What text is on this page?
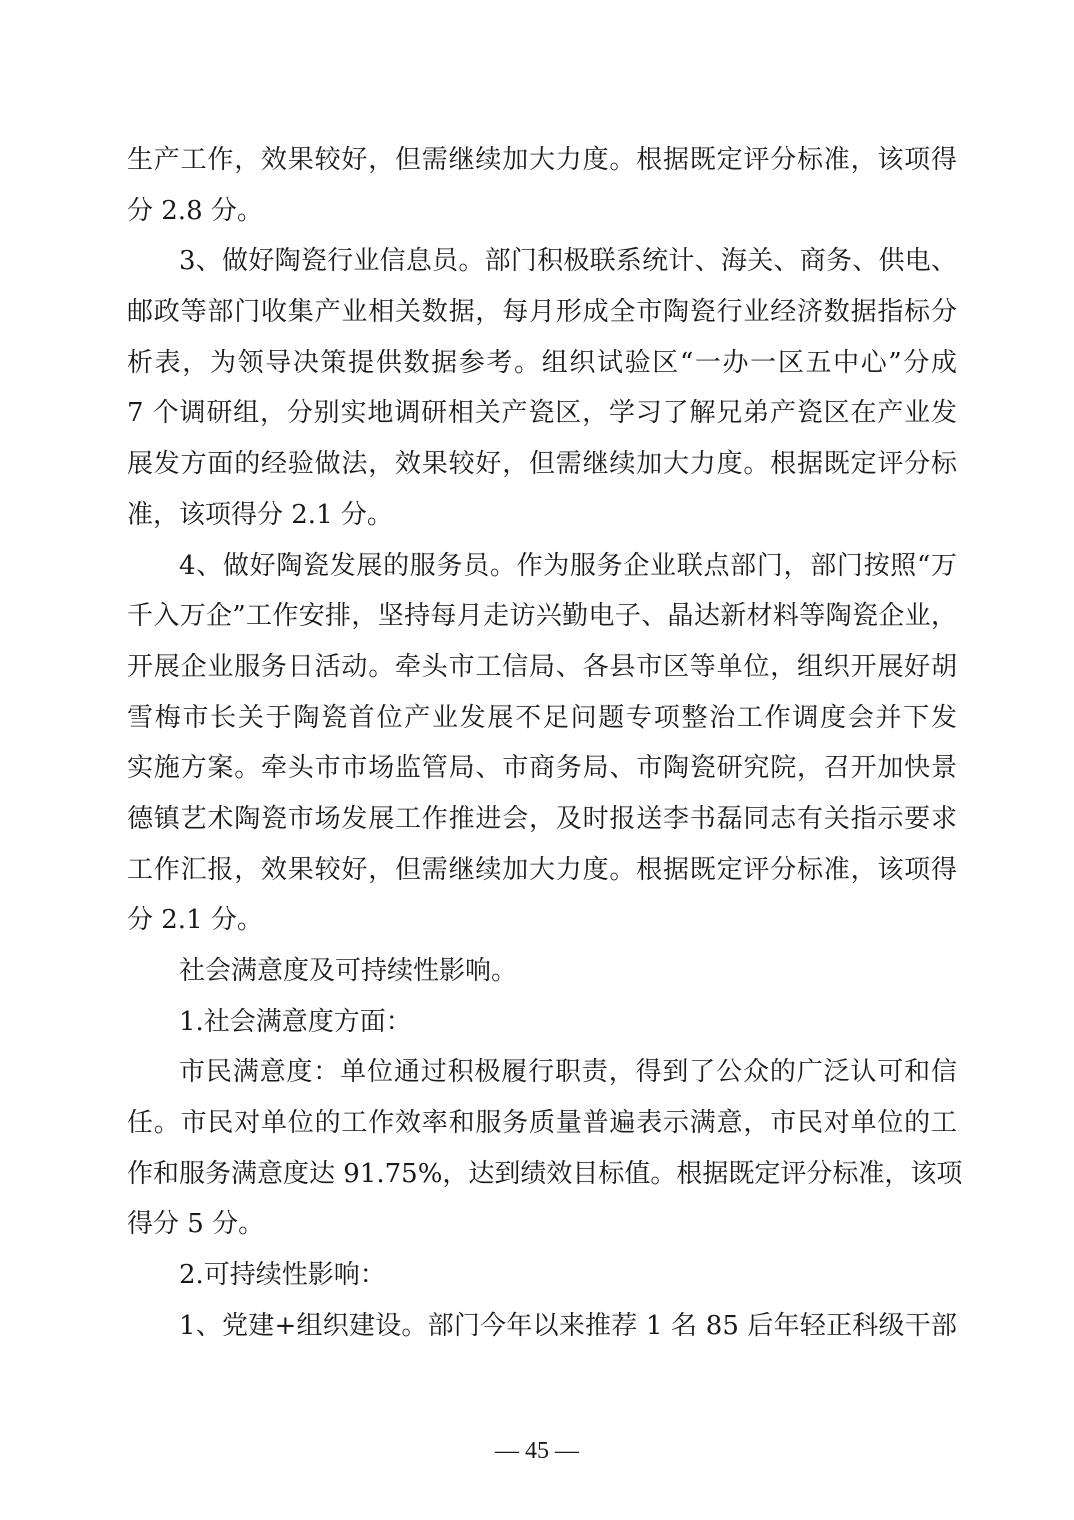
生产工作，效果较好，但需继续加大力度。根据既定评分标准，该项得
分 2.8 分。
3、做好陶瓷行业信息员。部门积极联系统计、海关、商务、供电、
邮政等部门收集产业相关数据，每月形成全市陶瓷行业经济数据指标分
析表，为领导决策提供数据参考。组织试验区“一办一区五中心”分成
7 个调研组，分别实地调研相关产瓷区，学习了解兄弟产瓷区在产业发
展发方面的经验做法，效果较好，但需继续加大力度。根据既定评分标
准，该项得分 2.1 分。
4、做好陶瓷发展的服务员。作为服务企业联点部门，部门按照“万
千入万企”工作安排，坚持每月走访兴勤电子、晶达新材料等陶瓷企业，
开展企业服务日活动。牵头市工信局、各县市区等单位，组织开展好胡
雪梅市长关于陶瓷首位产业发展不足问题专项整治工作调度会并下发
实施方案。牵头市市场监管局、市商务局、市陶瓷研究院，召开加快景
德镇艺术陶瓷市场发展工作推进会，及时报送李书磊同志有关指示要求
工作汇报，效果较好，但需继续加大力度。根据既定评分标准，该项得
分 2.1 分。
社会满意度及可持续性影响。
1.社会满意度方面：
市民满意度：单位通过积极履行职责，得到了公众的广泛认可和信
任。市民对单位的工作效率和服务质量普遍表示满意，市民对单位的工
作和服务满意度达 91.75%，达到绩效目标值。根据既定评分标准，该项
得分 5 分。
2.可持续性影响：
1、党建+组织建设。部门今年以来推荐 1 名 85 后年轻正科级干部
— 45 —
